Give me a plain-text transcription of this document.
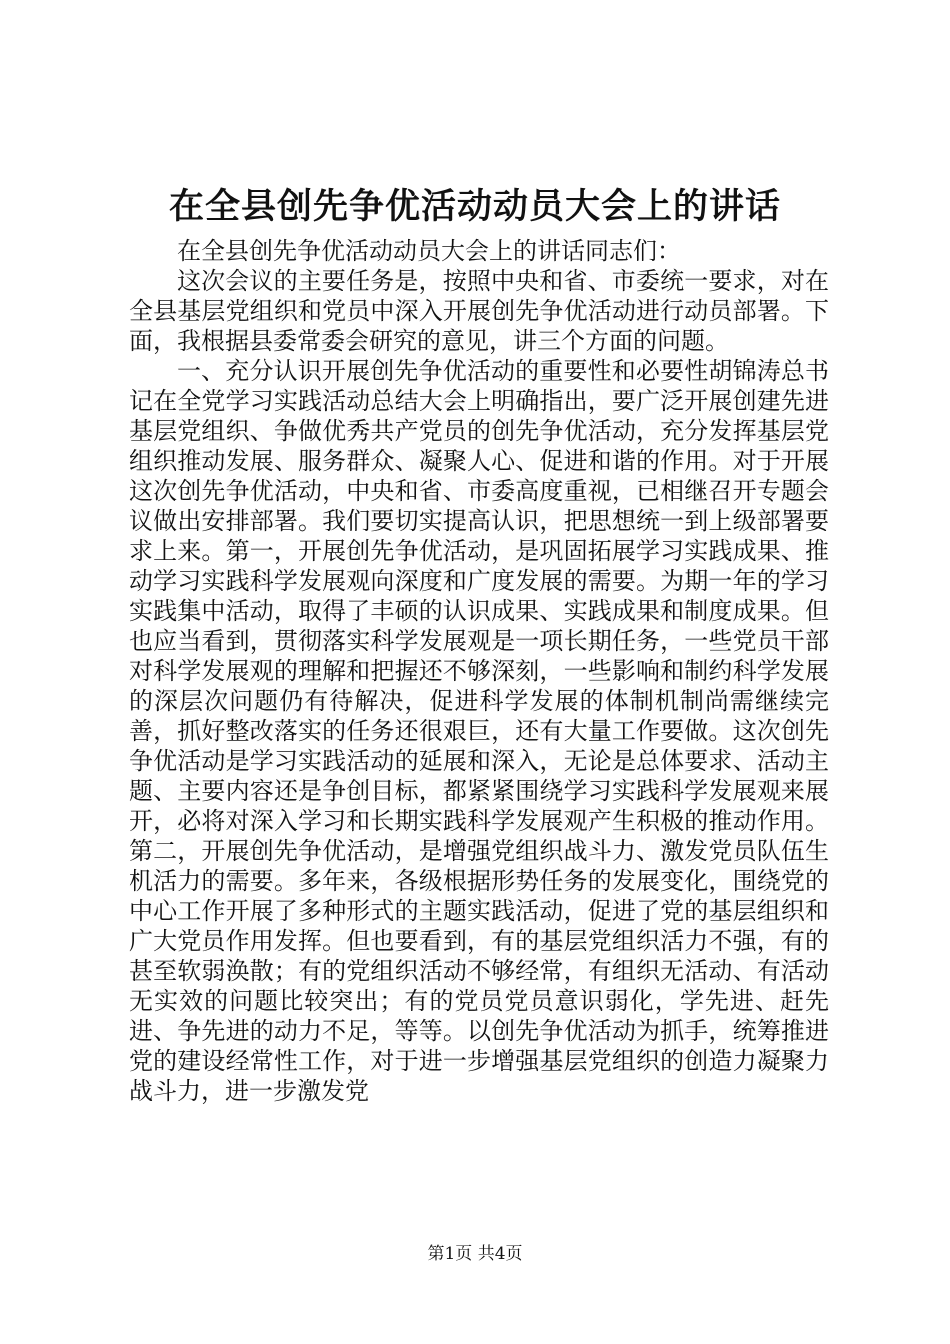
在全县创先争优活动动员大会上的讲话

在全县创先争优活动动员大会上的讲话同志们：

这次会议的主要任务是，按照中央和省、市委统一要求，对在全县基层党组织和党员中深入开展创先争优活动进行动员部署。下面，我根据县委常委会研究的意见，讲三个方面的问题。

一、充分认识开展创先争优活动的重要性和必要性胡锦涛总书记在全党学习实践活动总结大会上明确指出，要广泛开展创建先进基层党组织、争做优秀共产党员的创先争优活动，充分发挥基层党组织推动发展、服务群众、凝聚人心、促进和谐的作用。对于开展这次创先争优活动，中央和省、市委高度重视，已相继召开专题会议做出安排部署。我们要切实提高认识，把思想统一到上级部署要求上来。第一，开展创先争优活动，是巩固拓展学习实践成果、推动学习实践科学发展观向深度和广度发展的需要。为期一年的学习实践集中活动，取得了丰硕的认识成果、实践成果和制度成果。但也应当看到，贯彻落实科学发展观是一项长期任务，一些党员干部对科学发展观的理解和把握还不够深刻，一些影响和制约科学发展的深层次问题仍有待解决，促进科学发展的体制机制尚需继续完善，抓好整改落实的任务还很艰巨，还有大量工作要做。这次创先争优活动是学习实践活动的延展和深入，无论是总体要求、活动主题、主要内容还是争创目标，都紧紧围绕学习实践科学发展观来展开，必将对深入学习和长期实践科学发展观产生积极的推动作用。第二，开展创先争优活动，是增强党组织战斗力、激发党员队伍生机活力的需要。多年来，各级根据形势任务的发展变化，围绕党的中心工作开展了多种形式的主题实践活动，促进了党的基层组织和广大党员作用发挥。但也要看到，有的基层党组织活力不强，有的甚至软弱涣散；有的党组织活动不够经常，有组织无活动、有活动无实效的问题比较突出；有的党员党员意识弱化，学先进、赶先进、争先进的动力不足，等等。以创先争优活动为抓手，统筹推进党的建设经常性工作，对于进一步增强基层党组织的创造力凝聚力战斗力，进一步激发党

第1页 共4页
